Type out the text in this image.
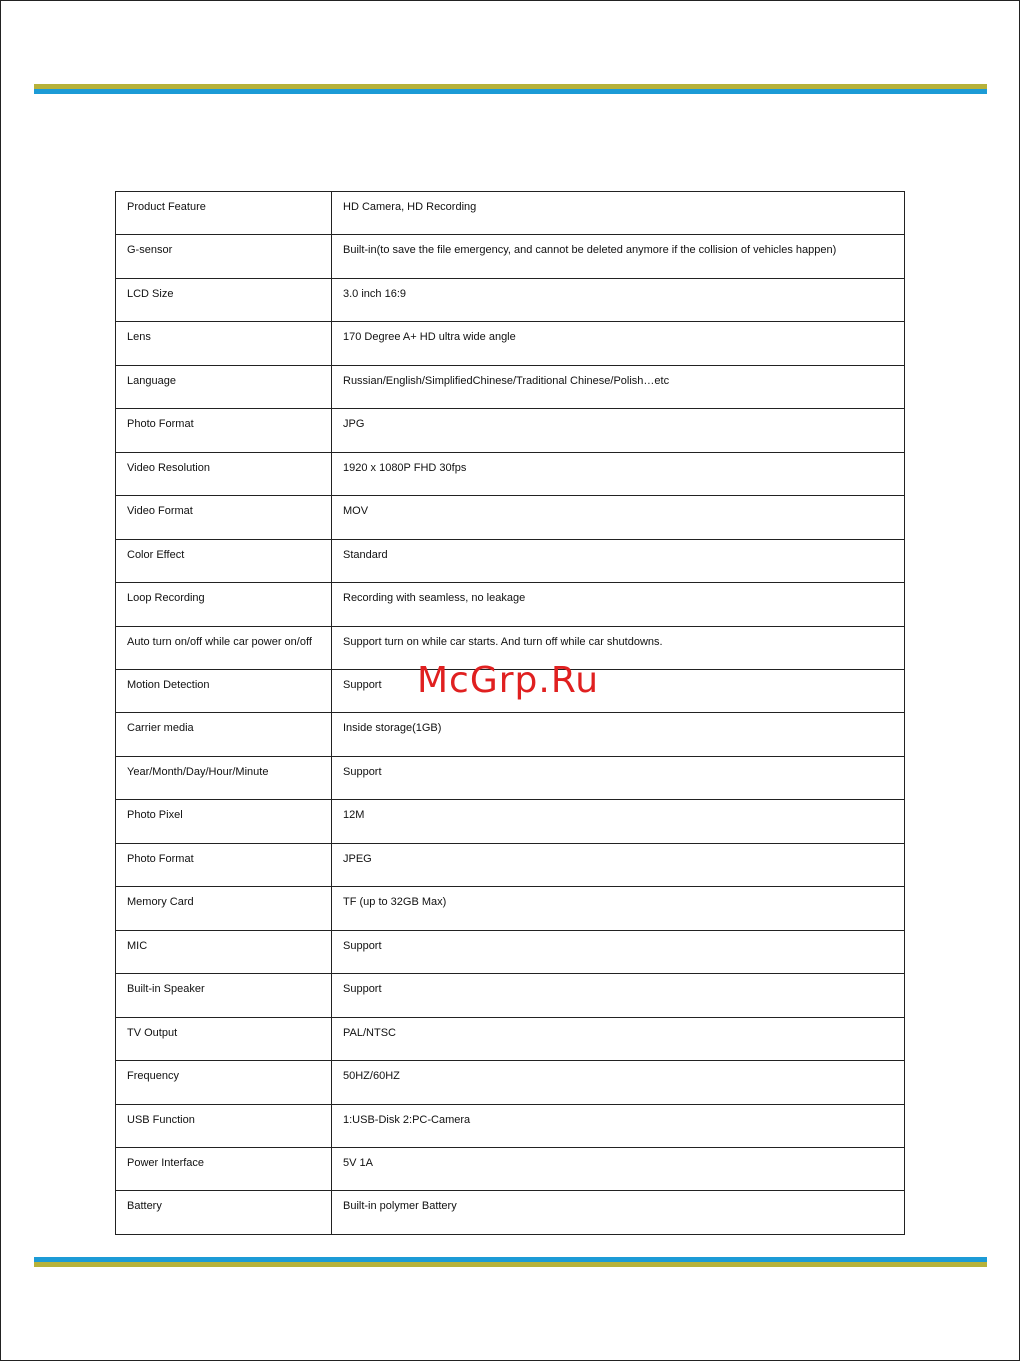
Product Feature	HD Camera, HD Recording
G-sensor	Built-in(to save the file emergency, and cannot be deleted anymore if the collision of vehicles happen)
LCD Size	3.0 inch 16:9
Lens	170 Degree A+ HD ultra wide angle
Language	Russian/English/SimplifiedChinese/Traditional Chinese/Polish…etc
Photo Format	JPG
Video Resolution	1920 x 1080P FHD 30fps
Video Format	MOV
Color Effect	Standard
Loop Recording	Recording with seamless, no leakage
Auto turn on/off while car power on/off	Support turn on while car starts. And turn off while car shutdowns.
Motion Detection	Support
Carrier media	Inside storage(1GB)
Year/Month/Day/Hour/Minute	Support
Photo Pixel	12M
Photo Format	JPEG
Memory Card	TF (up to 32GB Max)
MIC	Support
Built-in Speaker	Support
TV Output	PAL/NTSC
Frequency	50HZ/60HZ
USB Function	1:USB-Disk 2:PC-Camera
Power Interface	5V 1A
Battery	Built-in polymer Battery
McGrp.Ru
